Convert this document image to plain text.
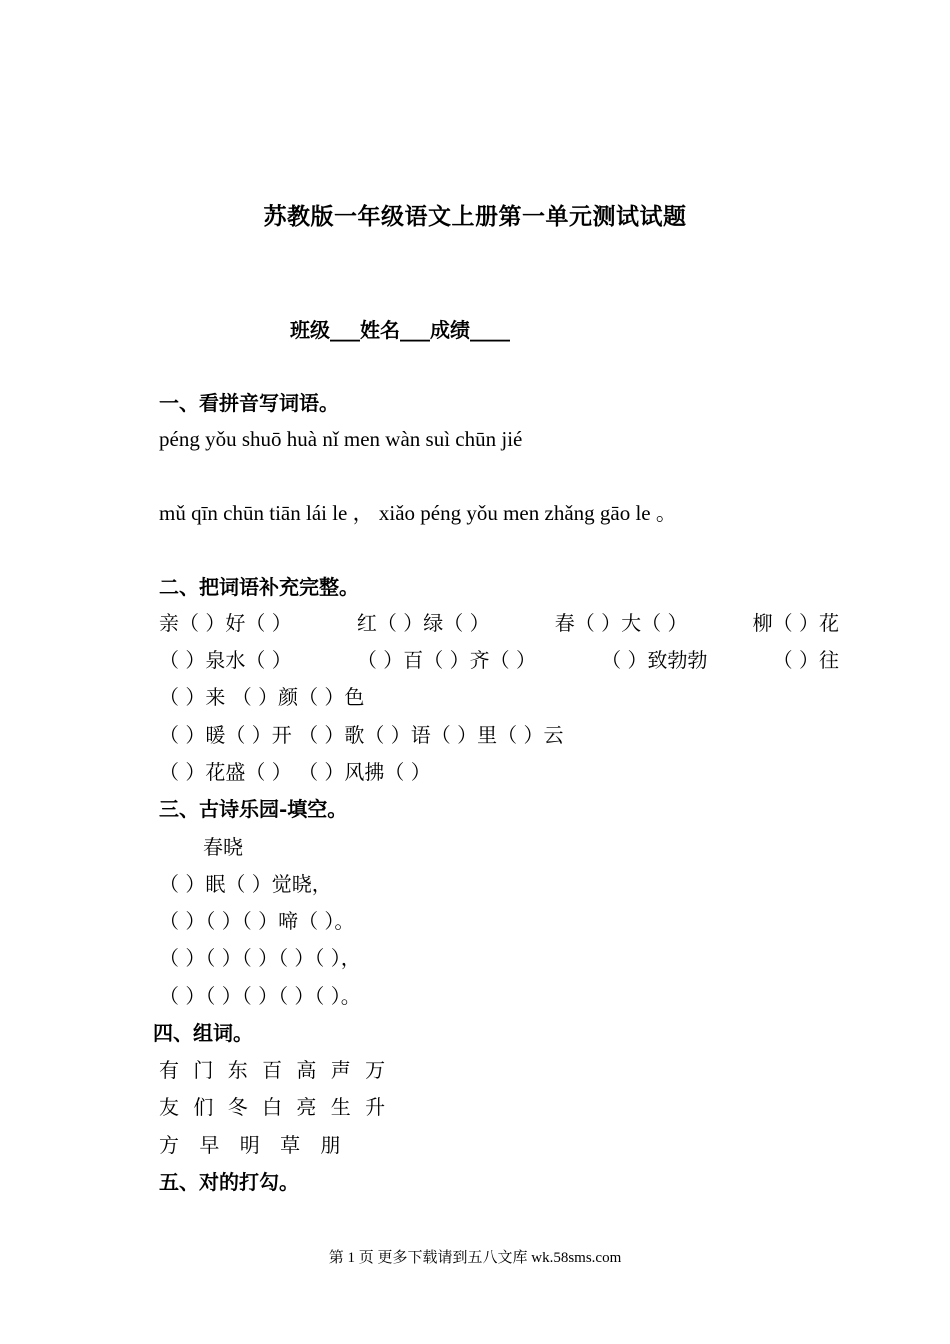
苏教版一年级语文上册第一单元测试试题
班级___姓名___成绩____
一、看拼音写词语。
péng yǒu shuō huà nǐ men wàn suì chūn jié
mǔ qīn chūn tiān lái le ， xiǎo péng yǒu men zhǎng gāo le 。
二、把词语补充完整。
亲（ ）好（ ）	红（ ）绿（ ）	春（ ）大（ ）	柳（ ）花
（ ）泉水（ ）	（ ）百（ ）齐（ ）	（ ）致勃勃	（ ）往
（ ）来 （ ）颜（ ）色
（ ）暖（ ）开 （ ）歌（ ）语（ ）里（ ）云
（ ）花盛（ ） （ ）风拂（ ）
三、古诗乐园-填空。
春晓
（ ）眠（ ）觉晓，
（ ）（ ）（ ）啼（ ）。
（ ）（ ）（ ）（ ）（ ），
（ ）（ ）（ ）（ ）（ ）。
四、组词。
有 门 东 百 高 声 万
友 们 冬 白 亮 生 升
方 早 明 草 朋
五、对的打勾。
第 1 页 更多下载请到五八文库 wk.58sms.com
